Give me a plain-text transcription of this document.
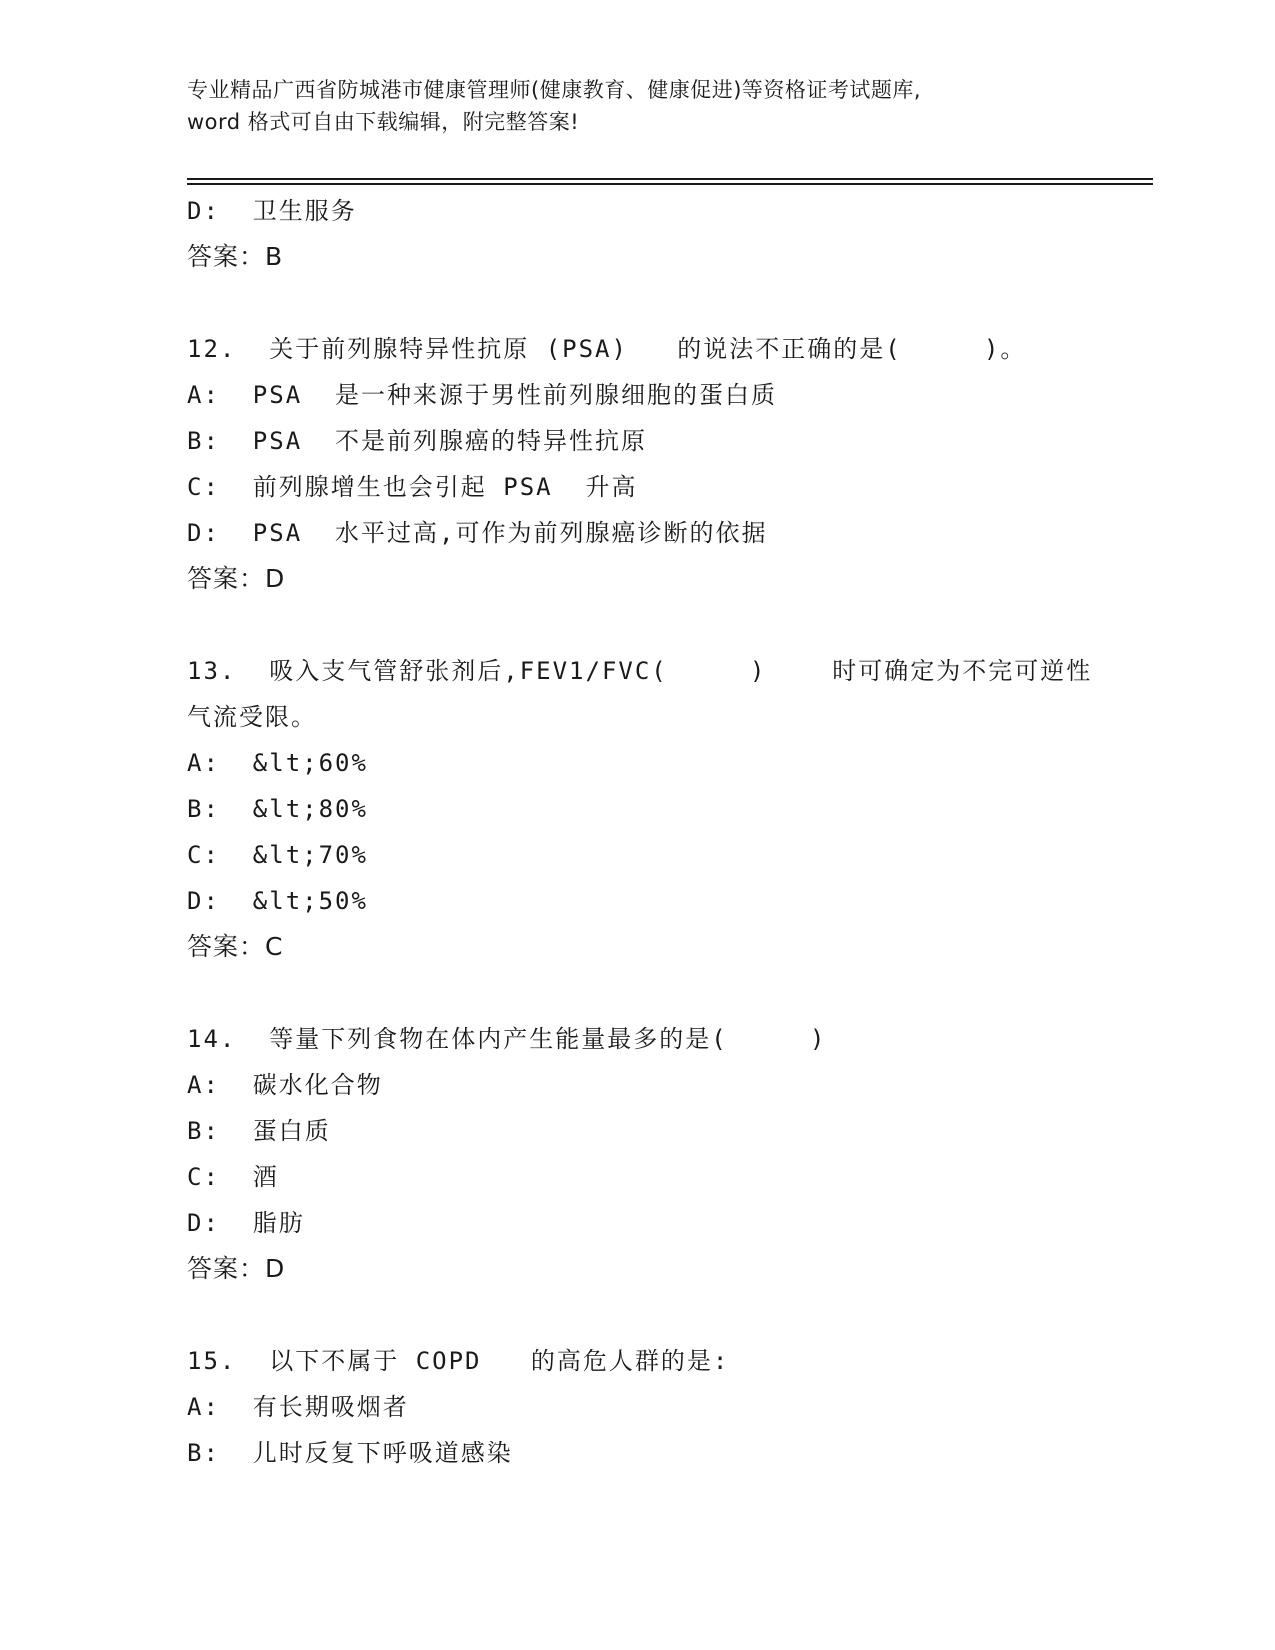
专业精品广西省防城港市健康管理师(健康教育、健康促进)等资格证考试题库,
word 格式可自由下载编辑，附完整答案!
D:  卫生服务
答案：B
12.  关于前列腺特异性抗原 (PSA)   的说法不正确的是(     )。
A:  PSA  是一种来源于男性前列腺细胞的蛋白质
B:  PSA  不是前列腺癌的特异性抗原
C:  前列腺增生也会引起 PSA  升高
D:  PSA  水平过高,可作为前列腺癌诊断的依据
答案：D
13.  吸入支气管舒张剂后,FEV1/FVC(     )    时可确定为不完可逆性
气流受限。
A:  &lt;60%
B:  &lt;80%
C:  &lt;70%
D:  &lt;50%
答案：C
14.  等量下列食物在体内产生能量最多的是(     )
A:  碳水化合物
B:  蛋白质
C:  酒
D:  脂肪
答案：D
15.  以下不属于 COPD   的高危人群的是:
A:  有长期吸烟者
B:  儿时反复下呼吸道感染
